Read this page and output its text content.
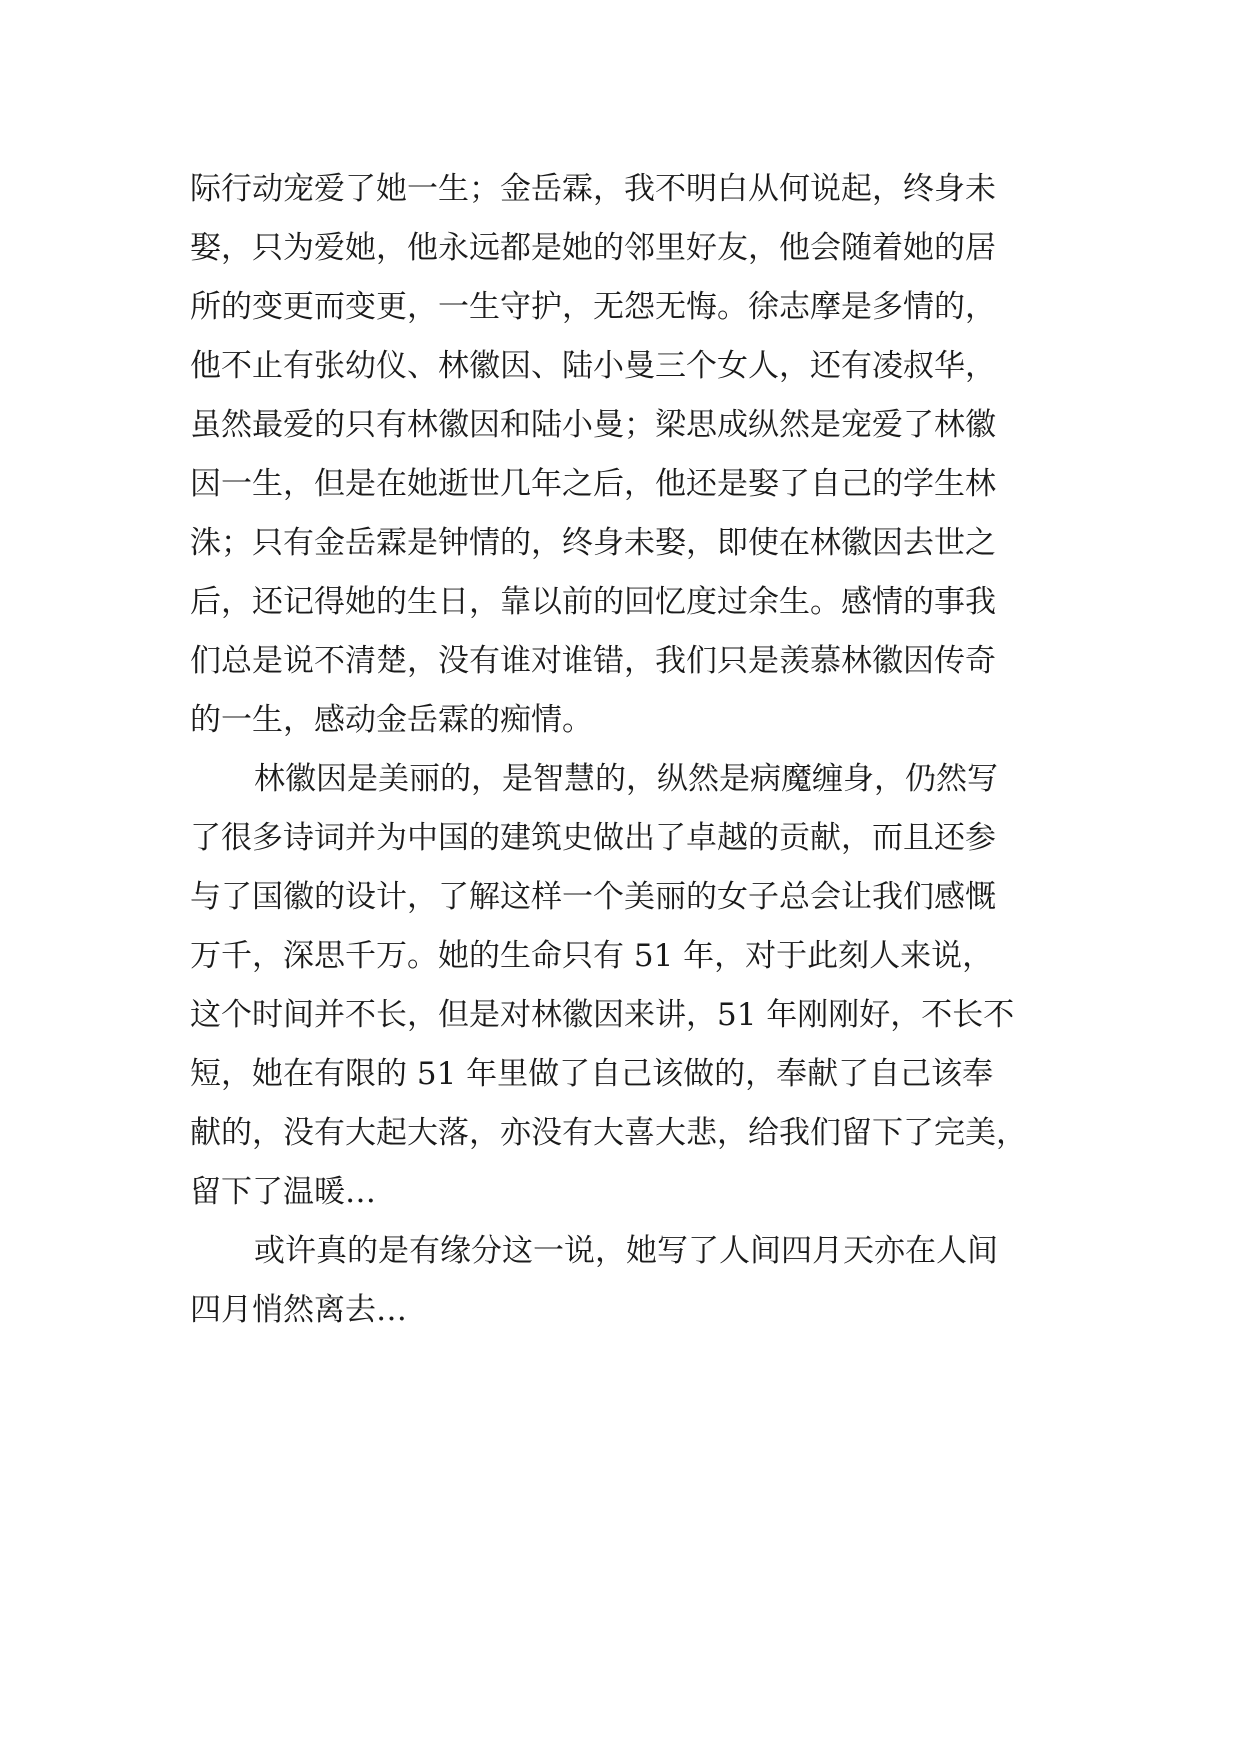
际行动宠爱了她一生；金岳霖，我不明白从何说起，终身未
娶，只为爱她，他永远都是她的邻里好友，他会随着她的居
所的变更而变更，一生守护，无怨无悔。徐志摩是多情的，
他不止有张幼仪、林徽因、陆小曼三个女人，还有凌叔华，
虽然最爱的只有林徽因和陆小曼；梁思成纵然是宠爱了林徽
因一生，但是在她逝世几年之后，他还是娶了自己的学生林
洙；只有金岳霖是钟情的，终身未娶，即使在林徽因去世之
后，还记得她的生日，靠以前的回忆度过余生。感情的事我
们总是说不清楚，没有谁对谁错，我们只是羡慕林徽因传奇
的一生，感动金岳霖的痴情。
林徽因是美丽的，是智慧的，纵然是病魔缠身，仍然写
了很多诗词并为中国的建筑史做出了卓越的贡献，而且还参
与了国徽的设计，了解这样一个美丽的女子总会让我们感慨
万千，深思千万。她的生命只有 51 年，对于此刻人来说，
这个时间并不长，但是对林徽因来讲，51 年刚刚好，不长不
短，她在有限的 51 年里做了自己该做的，奉献了自己该奉
献的，没有大起大落，亦没有大喜大悲，给我们留下了完美，
留下了温暖…
或许真的是有缘分这一说，她写了人间四月天亦在人间
四月悄然离去…
